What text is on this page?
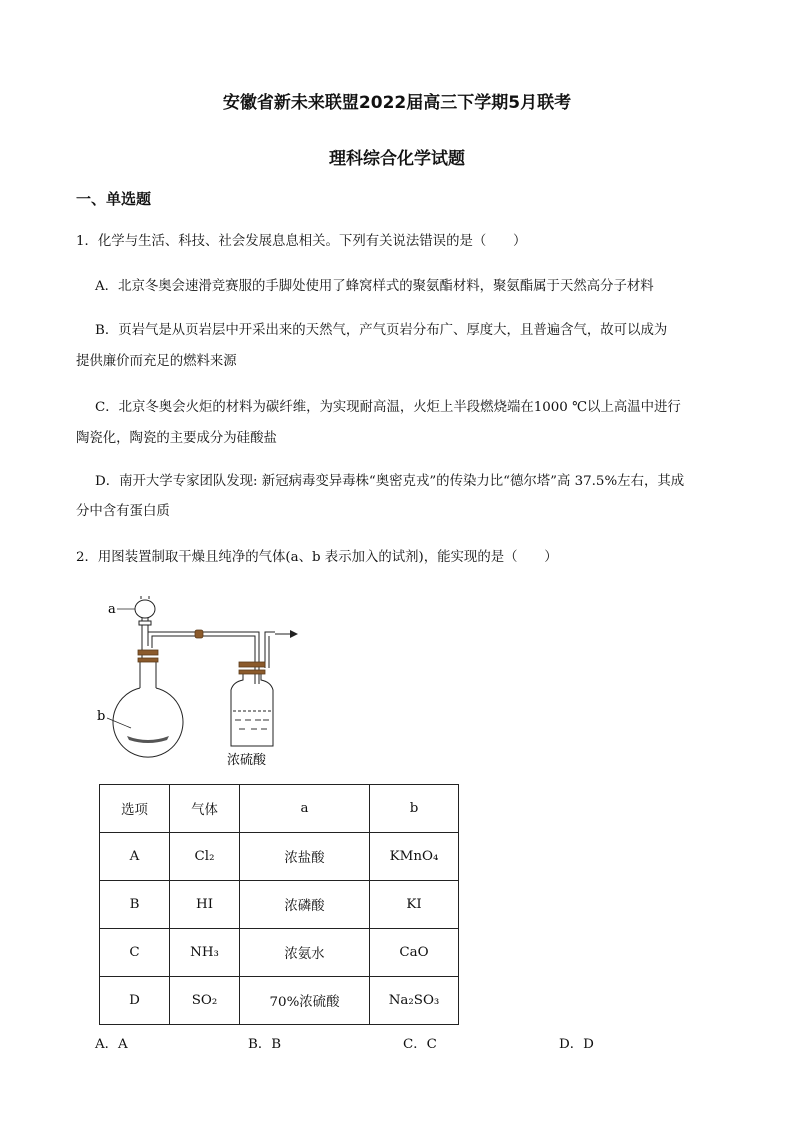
安徽省新未来联盟2022届高三下学期5月联考
理科综合化学试题
一、单选题
1．化学与生活、科技、社会发展息息相关。下列有关说法错误的是（　　）
A．北京冬奥会速滑竞赛服的手脚处使用了蜂窝样式的聚氨酯材料，聚氨酯属于天然高分子材料
B．页岩气是从页岩层中开采出来的天然气，产气页岩分布广、厚度大，且普遍含气，故可以成为
提供廉价而充足的燃料来源
C．北京冬奥会火炬的材料为碳纤维，为实现耐高温，火炬上半段燃烧端在1000 ℃以上高温中进行
陶瓷化，陶瓷的主要成分为硅酸盐
D．南开大学专家团队发现: 新冠病毒变异毒株“奥密克戎”的传染力比“德尔塔”高 37.5%左右，其成
分中含有蛋白质
2．用图装置制取干燥且纯净的气体(a、b 表示加入的试剂)，能实现的是（　　）
a
b
浓硫酸
选项	气体	a	b
A	Cl₂	浓盐酸	KMnO₄
B	HI	浓磷酸	KI
C	NH₃	浓氨水	CaO
D	SO₂	70%浓硫酸	Na₂SO₃
A．A	B．B	C．C	D．D
